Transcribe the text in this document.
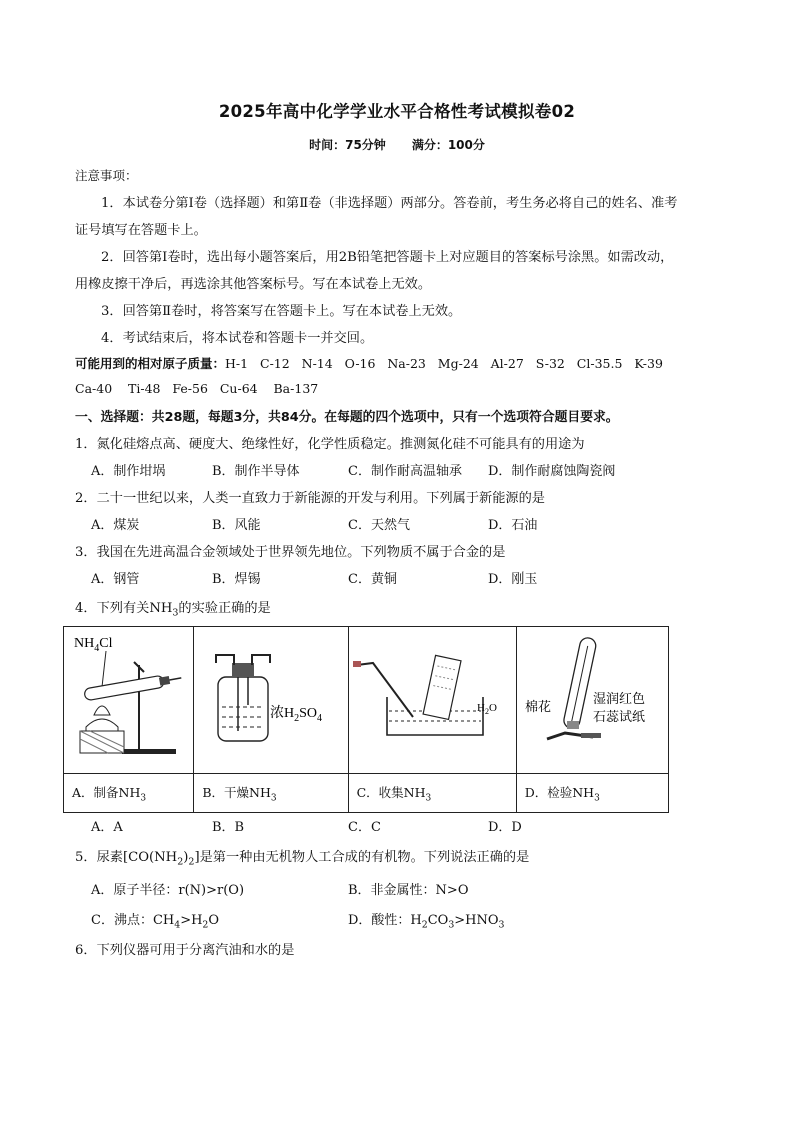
2025年高中化学学业水平合格性考试模拟卷02
时间：75分钟 满分：100分
注意事项：
1．本试卷分第Ⅰ卷（选择题）和第Ⅱ卷（非选择题）两部分。答卷前，考生务必将自己的姓名、准考
证号填写在答题卡上。
2．回答第Ⅰ卷时，选出每小题答案后，用2B铅笔把答题卡上对应题目的答案标号涂黑。如需改动，
用橡皮擦干净后，再选涂其他答案标号。写在本试卷上无效。
3．回答第Ⅱ卷时，将答案写在答题卡上。写在本试卷上无效。
4．考试结束后，将本试卷和答题卡一并交回。
可能用到的相对原子质量：H-1   C-12   N-14   O-16   Na-23   Mg-24   Al-27   S-32   Cl-35.5   K-39
Ca-40    Ti-48   Fe-56   Cu-64    Ba-137
一、选择题：共28题，每题3分，共84分。在每题的四个选项中，只有一个选项符合题目要求。
1．氮化硅熔点高、硬度大、绝缘性好，化学性质稳定。推测氮化硅不可能具有的用途为
A．制作坩埚	B．制作半导体	C．制作耐高温轴承 D．制作耐腐蚀陶瓷阀
2．二十一世纪以来，人类一直致力于新能源的开发与利用。下列属于新能源的是
A．煤炭	B．风能	C．天然气	D．石油
3．我国在先进高温合金领域处于世界领先地位。下列物质不属于合金的是
A．钢管	B．焊锡	C．黄铜	D．刚玉
4．下列有关$NH_3$的实验正确的是
$NH_4Cl$	浓$H_2SO_4$	$H_2O$	棉花
湿润红色
石蕊试纸

A．制备$NH_3$	B．干燥$NH_3$	C．收集$NH_3$	D．检验$NH_3$
A．A	B．B	C．C	D．D
5．尿素$[CO(NH_2)_2]$是第一种由无机物人工合成的有机物。下列说法正确的是
A．原子半径：r(N)>r(O)	B．非金属性：N>O
C．沸点：$CH_4>H_2O$	D．酸性：$H_2CO_3>HNO_3$
6．下列仪器可用于分离汽油和水的是
